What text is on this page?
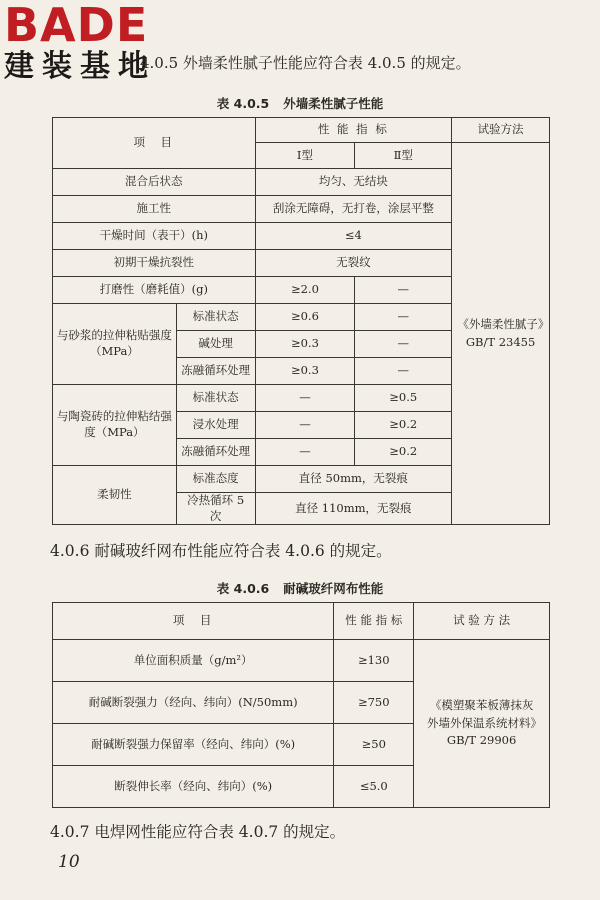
BADE
建装基地
4.0.5 外墙柔性腻子性能应符合表 4.0.5 的规定。
表 4.0.5 外墙柔性腻子性能
项　目		性 能 指 标		试验方法
		Ⅰ型	Ⅱ型	《外墙柔性腻子》GB/T 23455
混合后状态		均匀、无结块		
施工性		刮涂无障碍，无打卷，涂层平整		
干燥时间（表干）(h)		≤4		
初期干燥抗裂性		无裂纹		
打磨性（磨耗值）(g)		≥2.0	—	
与砂浆的拉伸粘贴强度（MPa）	标准状态	≥0.6	—	
	碱处理	≥0.3	—	
	冻融循环处理	≥0.3	—	
与陶瓷砖的拉伸粘结强度（MPa）	标准状态	—	≥0.5	
	浸水处理	—	≥0.2	
	冻融循环处理	—	≥0.2	
柔韧性	标准态度	直径 50mm，无裂痕		
	冷热循环 5 次	直径 110mm，无裂痕		
4.0.6 耐碱玻纤网布性能应符合表 4.0.6 的规定。
表 4.0.6 耐碱玻纤网布性能
项　目	性 能 指 标	试 验 方 法
单位面积质量（g/m²）	≥130	《模塑聚苯板薄抹灰外墙外保温系统材料》GB/T 29906
耐碱断裂强力（经向、纬向）(N/50mm)	≥750	
耐碱断裂强力保留率（经向、纬向）(%)	≥50	
断裂伸长率（经向、纬向）(%)	≤5.0	
4.0.7 电焊网性能应符合表 4.0.7 的规定。
10
